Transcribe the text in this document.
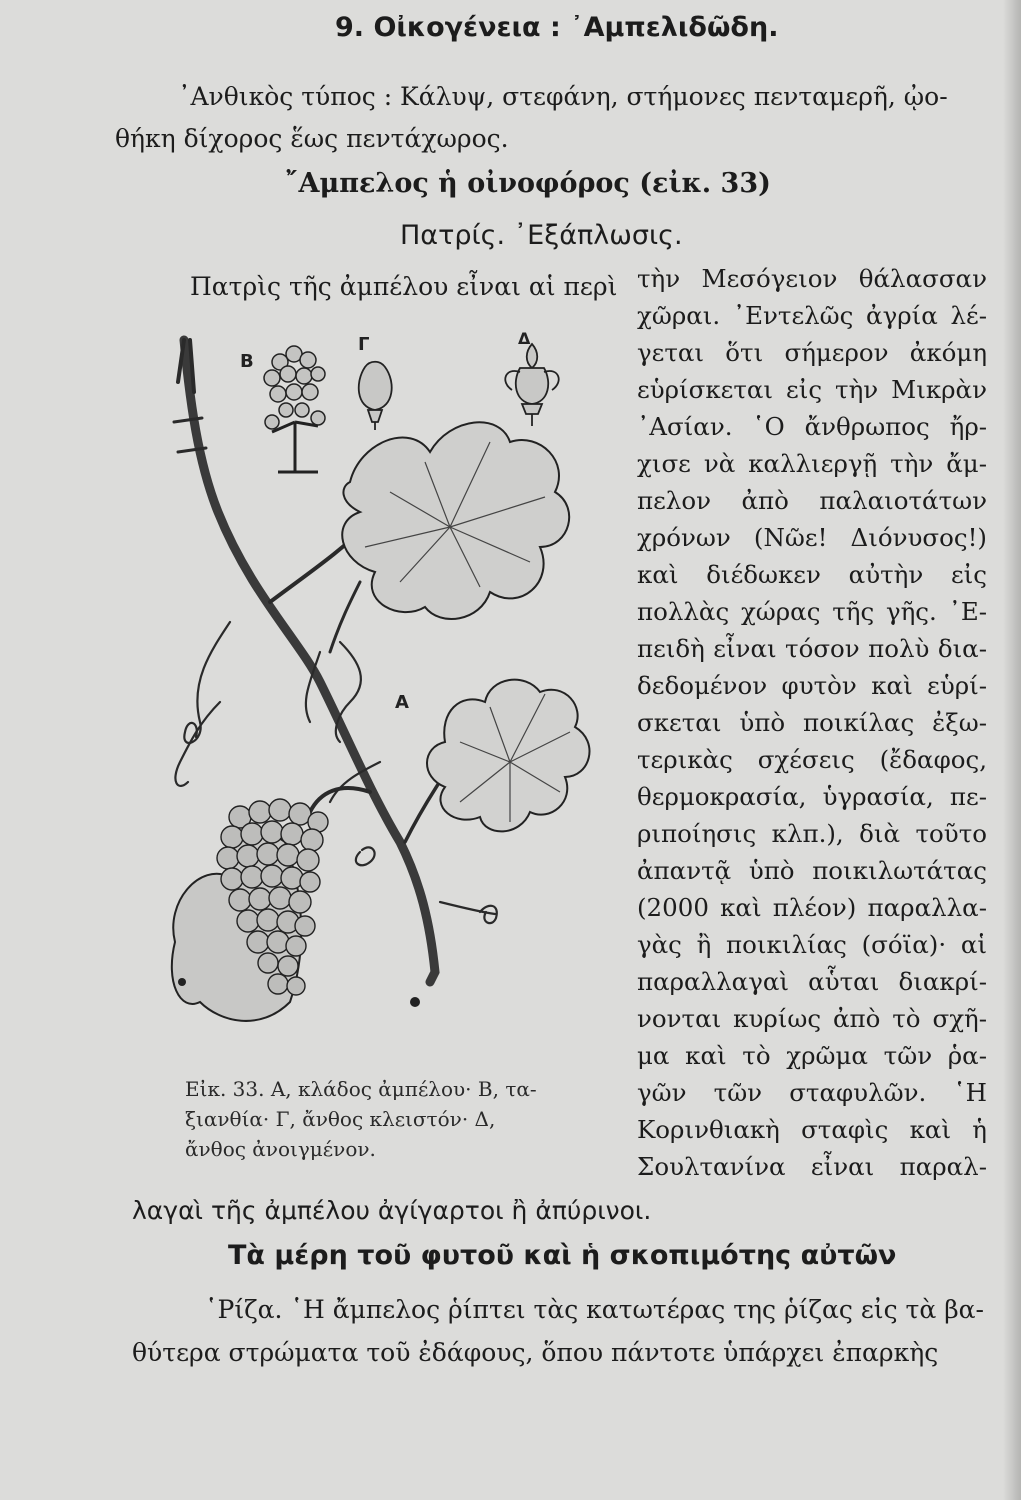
9. Οἰκογένεια : ᾿Αμπελιδῶδη.
᾿Ανθικὸς τύπος : Κάλυψ, στεφάνη, στήμονες πενταμερῆ, ᾠο-
θήκη δίχορος ἕως πεντάχωρος.
῎Αμπελος ἡ οἰνοφόρος (εἰκ. 33)
Πατρίς. ᾿Εξάπλωσις.
Πατρὶς τῆς ἀμπέλου εἶναι αἱ περὶ τὴν Μεσόγειον θάλασσαν
χῶραι. ᾿Εντελῶς ἀγρία λέ-
γεται ὅτι σήμερον ἀκόμη
εὑρίσκεται εἰς τὴν Μικρὰν
᾿Ασίαν. ῾Ο ἄνθρωπος ἤρ-
χισε νὰ καλλιεργῇ τὴν ἄμ-
πελον ἀπὸ παλαιοτάτων
χρόνων (Νῶε! Διόνυσος!)
καὶ διέδωκεν αὐτὴν εἰς
πολλὰς χώρας τῆς γῆς. ᾿Ε-
πειδὴ εἶναι τόσον πολὺ δια-
δεδομένον φυτὸν καὶ εὑρί-
σκεται ὑπὸ ποικίλας ἐξω-
τερικὰς σχέσεις (ἔδαφος,
θερμοκρασία, ὑγρασία, πε-
ριποίησις κλπ.), διὰ τοῦτο
ἀπαντᾷ ὑπὸ ποικιλωτάτας
(2000 καὶ πλέον) παραλλα-
γὰς ἢ ποικιλίας (σόϊα)· αἱ
παραλλαγαὶ αὗται διακρί-
νονται κυρίως ἀπὸ τὸ σχῆ-
μα καὶ τὸ χρῶμα τῶν ῥα-
γῶν τῶν σταφυλῶν. ῾Η
Κορινθιακὴ σταφὶς καὶ ἡ
Σουλτανίνα εἶναι παραλ-
Β
Γ	Δ
Α
Εἰκ. 33. Α, κλάδος ἀμπέλου· Β, τα-
ξιανθία· Γ, ἄνθος κλειστόν· Δ,
ἄνθος ἀνοιγμένον.
λαγαὶ τῆς ἀμπέλου ἀγίγαρτοι ἢ ἀπύρινοι.
Τὰ μέρη τοῦ φυτοῦ καὶ ἡ σκοπιμότης αὐτῶν
῾Ρίζα. ῾Η ἄμπελος ῥίπτει τὰς κατωτέρας της ῥίζας εἰς τὰ βα-
θύτερα στρώματα τοῦ ἐδάφους, ὅπου πάντοτε ὑπάρχει ἐπαρκὴς
